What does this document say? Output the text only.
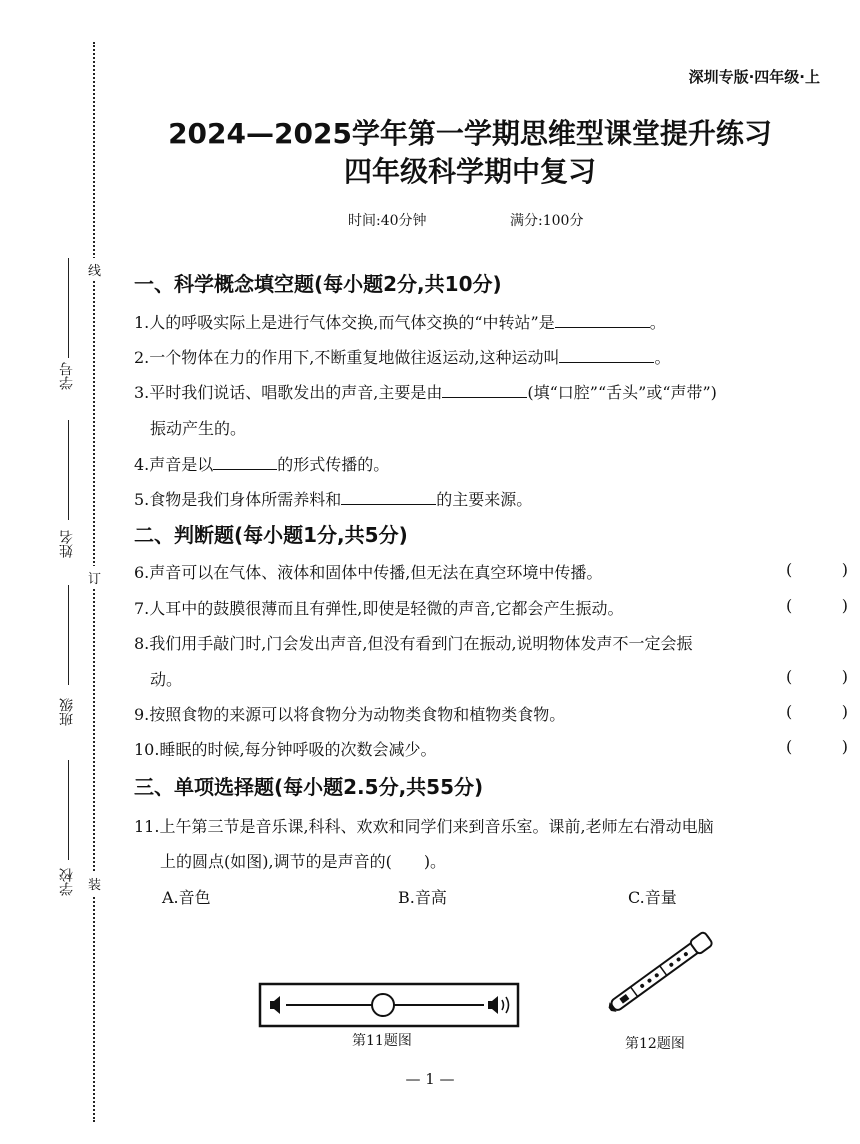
学号
姓名
班级
学校
线
订
装
深圳专版·四年级·上
2024—2025学年第一学期思维型课堂提升练习
四年级科学期中复习
时间:40分钟	满分:100分
一、科学概念填空题(每小题2分,共10分)
1.人的呼吸实际上是进行气体交换,而气体交换的“中转站”是	。
2.一个物体在力的作用下,不断重复地做往返运动,这种运动叫	。
3.平时我们说话、唱歌发出的声音,主要是由	(填“口腔”“舌头”或“声带”)
振动产生的。
4.声音是以	的形式传播的。
5.食物是我们身体所需养料和	的主要来源。
二、判断题(每小题1分,共5分)
6.声音可以在气体、液体和固体中传播,但无法在真空环境中传播。	(	)
7.人耳中的鼓膜很薄而且有弹性,即使是轻微的声音,它都会产生振动。	(	)
8.我们用手敲门时,门会发出声音,但没有看到门在振动,说明物体发声不一定会振
动。	(	)
9.按照食物的来源可以将食物分为动物类食物和植物类食物。	(	)
10.睡眠的时候,每分钟呼吸的次数会减少。	(	)
三、单项选择题(每小题2.5分,共55分)
11.上午第三节是音乐课,科科、欢欢和同学们来到音乐室。课前,老师左右滑动电脑
上的圆点(如图),调节的是声音的(　　)。
A.音色	B.音高	C.音量
第11题图	第12题图
— 1 —
